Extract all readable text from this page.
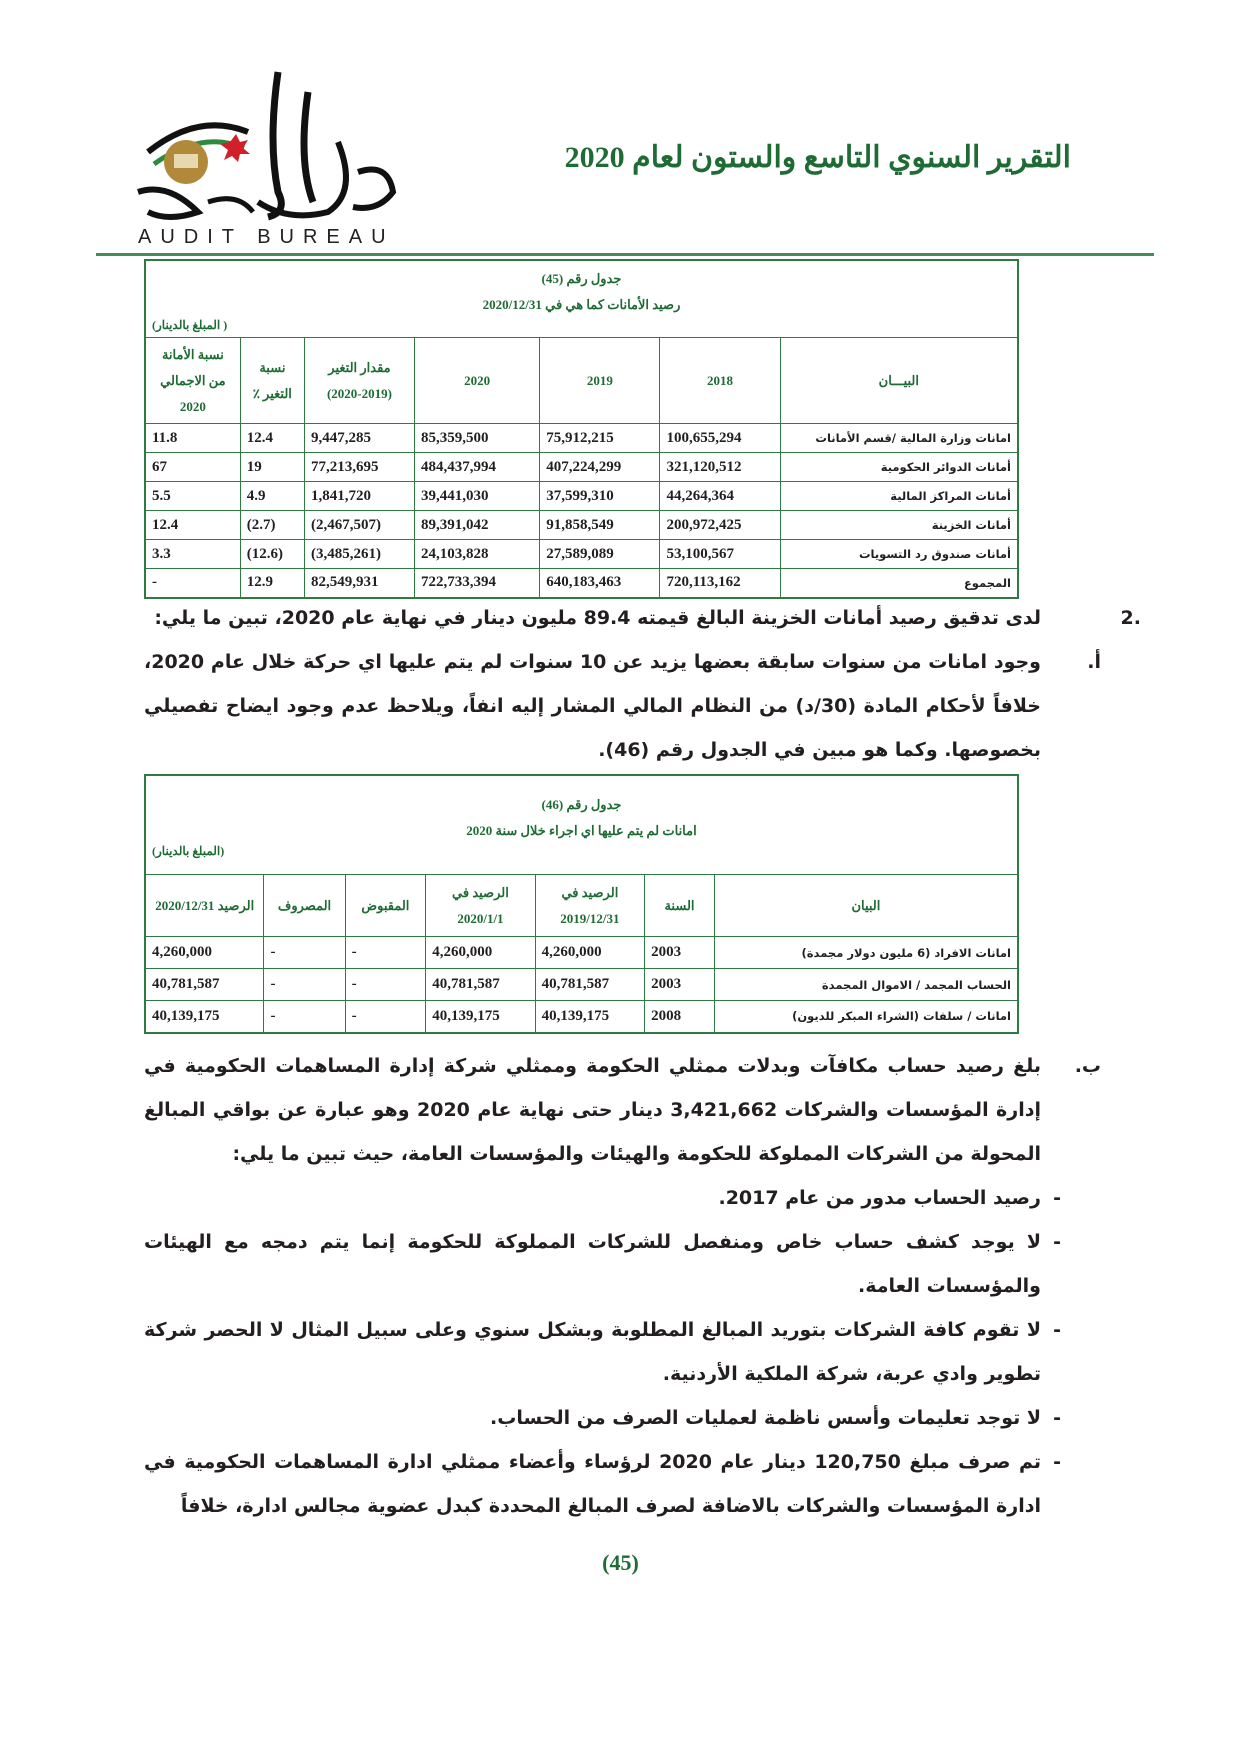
AUDIT BUREAU
التقرير السنوي التاسع والستون لعام 2020
جدول رقم (45)
رصيد الأمانات كما هي في 2020/12/31
( المبلغ بالدينار)						

البيـــان	2018	2019	2020	مقدار التغير (2019-2020)	نسبة التغير ٪	نسبة الأمانة من الاجمالي 2020
امانات وزارة المالية /قسم الأمانات	100,655,294	75,912,215	85,359,500	9,447,285	12.4	11.8
أمانات الدوائر الحكومية	321,120,512	407,224,299	484,437,994	77,213,695	19	67
أمانات المراكز المالية	44,264,364	37,599,310	39,441,030	1,841,720	4.9	5.5
أمانات الخزينة	200,972,425	91,858,549	89,391,042	(2,467,507)	(2.7)	12.4
أمانات صندوق رد التسويات	53,100,567	27,589,089	24,103,828	(3,485,261)	(12.6)	3.3
المجموع	720,113,162	640,183,463	722,733,394	82,549,931	12.9	-
.2
لدى تدقيق رصيد أمانات الخزينة البالغ قيمته 89.4 مليون دينار في نهاية عام 2020، تبين ما يلي:
أ.
وجود امانات من سنوات سابقة بعضها يزيد عن 10 سنوات لم يتم عليها اي حركة خلال عام 2020، خلافاً لأحكام المادة (30/د) من النظام المالي المشار إليه انفاً، ويلاحظ عدم وجود ايضاح تفصيلي بخصوصها. وكما هو مبين في الجدول رقم (46).
جدول رقم (46)
امانات لم يتم عليها اي اجراء خلال سنة 2020
(المبلغ بالدينار)						

البيان	السنة	الرصيد في 2019/12/31	الرصيد في 2020/1/1	المقبوض	المصروف	الرصيد 2020/12/31
امانات الافراد (6 مليون دولار مجمدة)	2003	4,260,000	4,260,000	-	-	4,260,000
الحساب المجمد / الاموال المجمدة	2003	40,781,587	40,781,587	-	-	40,781,587
امانات / سلفات (الشراء المبكر للديون)	2008	40,139,175	40,139,175	-	-	40,139,175
ب.
بلغ رصيد حساب مكافآت وبدلات ممثلي الحكومة وممثلي شركة إدارة المساهمات الحكومية في إدارة المؤسسات والشركات 3,421,662 دينار حتى نهاية عام 2020 وهو عبارة عن بواقي المبالغ المحولة من الشركات المملوكة للحكومة والهيئات والمؤسسات العامة، حيث تبين ما يلي:
-
رصيد الحساب مدور من عام 2017.
-
لا يوجد كشف حساب خاص ومنفصل للشركات المملوكة للحكومة إنما يتم دمجه مع الهيئات والمؤسسات العامة.
-
لا تقوم كافة الشركات بتوريد المبالغ المطلوبة وبشكل سنوي وعلى سبيل المثال لا الحصر شركة تطوير وادي عربة، شركة الملكية الأردنية.
-
لا توجد تعليمات وأسس ناظمة لعمليات الصرف من الحساب.
-
تم صرف مبلغ 120,750 دينار عام 2020 لرؤساء وأعضاء ممثلي ادارة المساهمات الحكومية في ادارة المؤسسات والشركات بالاضافة لصرف المبالغ المحددة كبدل عضوية مجالس ادارة، خلافاً
(45)
